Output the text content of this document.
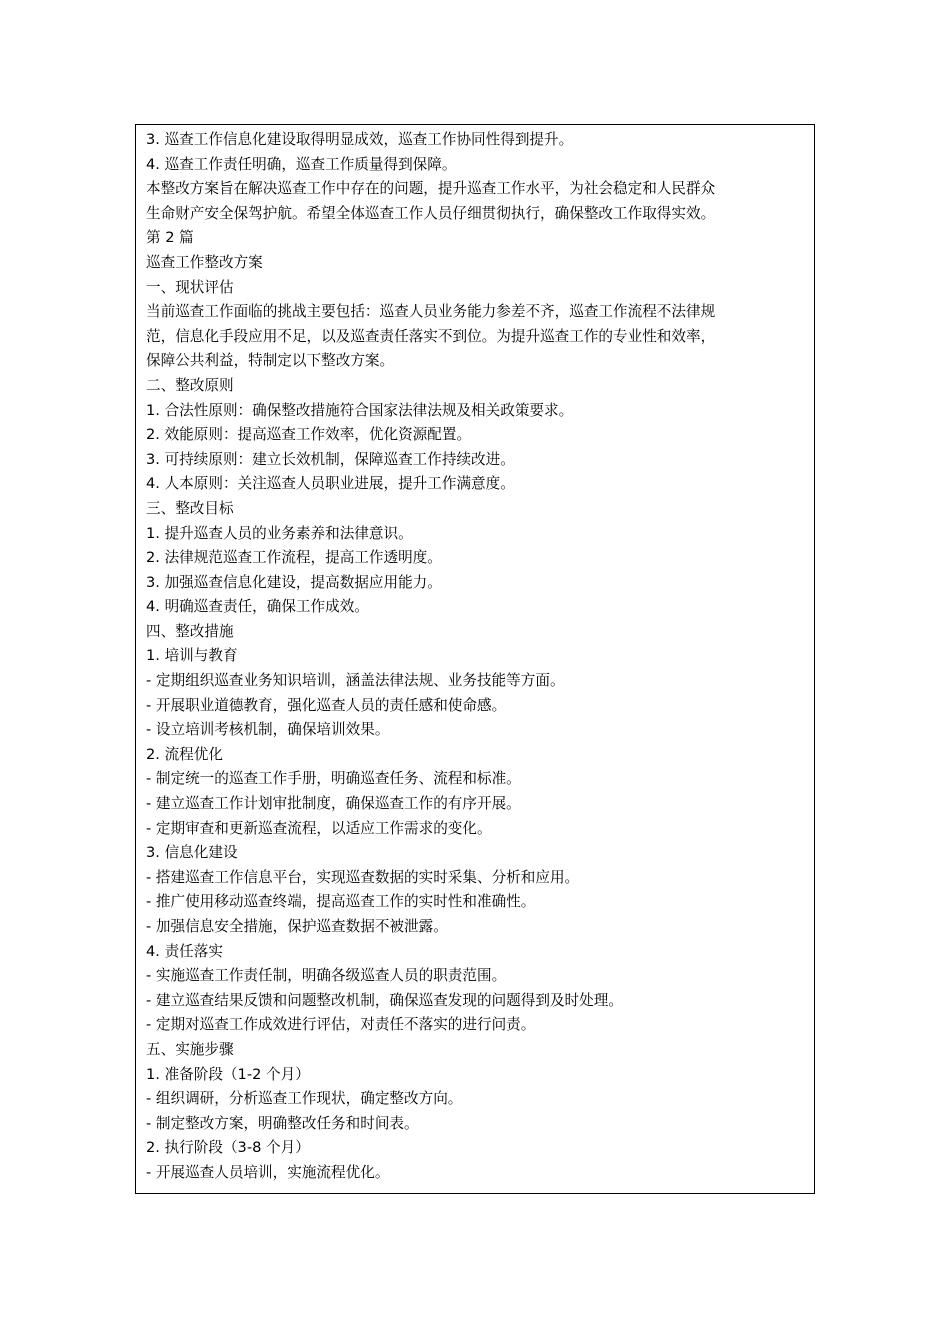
3. 巡查工作信息化建设取得明显成效，巡查工作协同性得到提升。
4. 巡查工作责任明确，巡查工作质量得到保障。
本整改方案旨在解决巡查工作中存在的问题，提升巡查工作水平，为社会稳定和人民群众
生命财产安全保驾护航。希望全体巡查工作人员仔细贯彻执行，确保整改工作取得实效。
第 2 篇
巡查工作整改方案
一、现状评估
当前巡查工作面临的挑战主要包括：巡查人员业务能力参差不齐，巡查工作流程不法律规
范，信息化手段应用不足，以及巡查责任落实不到位。为提升巡查工作的专业性和效率，
保障公共利益，特制定以下整改方案。
二、整改原则
1. 合法性原则：确保整改措施符合国家法律法规及相关政策要求。
2. 效能原则：提高巡查工作效率，优化资源配置。
3. 可持续原则：建立长效机制，保障巡查工作持续改进。
4. 人本原则：关注巡查人员职业进展，提升工作满意度。
三、整改目标
1. 提升巡查人员的业务素养和法律意识。
2. 法律规范巡查工作流程，提高工作透明度。
3. 加强巡查信息化建设，提高数据应用能力。
4. 明确巡查责任，确保工作成效。
四、整改措施
1. 培训与教育
- 定期组织巡查业务知识培训，涵盖法律法规、业务技能等方面。
- 开展职业道德教育，强化巡查人员的责任感和使命感。
- 设立培训考核机制，确保培训效果。
2. 流程优化
- 制定统一的巡查工作手册，明确巡查任务、流程和标准。
- 建立巡查工作计划审批制度，确保巡查工作的有序开展。
- 定期审查和更新巡查流程，以适应工作需求的变化。
3. 信息化建设
- 搭建巡查工作信息平台，实现巡查数据的实时采集、分析和应用。
- 推广使用移动巡查终端，提高巡查工作的实时性和准确性。
- 加强信息安全措施，保护巡查数据不被泄露。
4. 责任落实
- 实施巡查工作责任制，明确各级巡查人员的职责范围。
- 建立巡查结果反馈和问题整改机制，确保巡查发现的问题得到及时处理。
- 定期对巡查工作成效进行评估，对责任不落实的进行问责。
五、实施步骤
1. 准备阶段（1-2 个月）
- 组织调研，分析巡查工作现状，确定整改方向。
- 制定整改方案，明确整改任务和时间表。
2. 执行阶段（3-8 个月）
- 开展巡查人员培训，实施流程优化。
